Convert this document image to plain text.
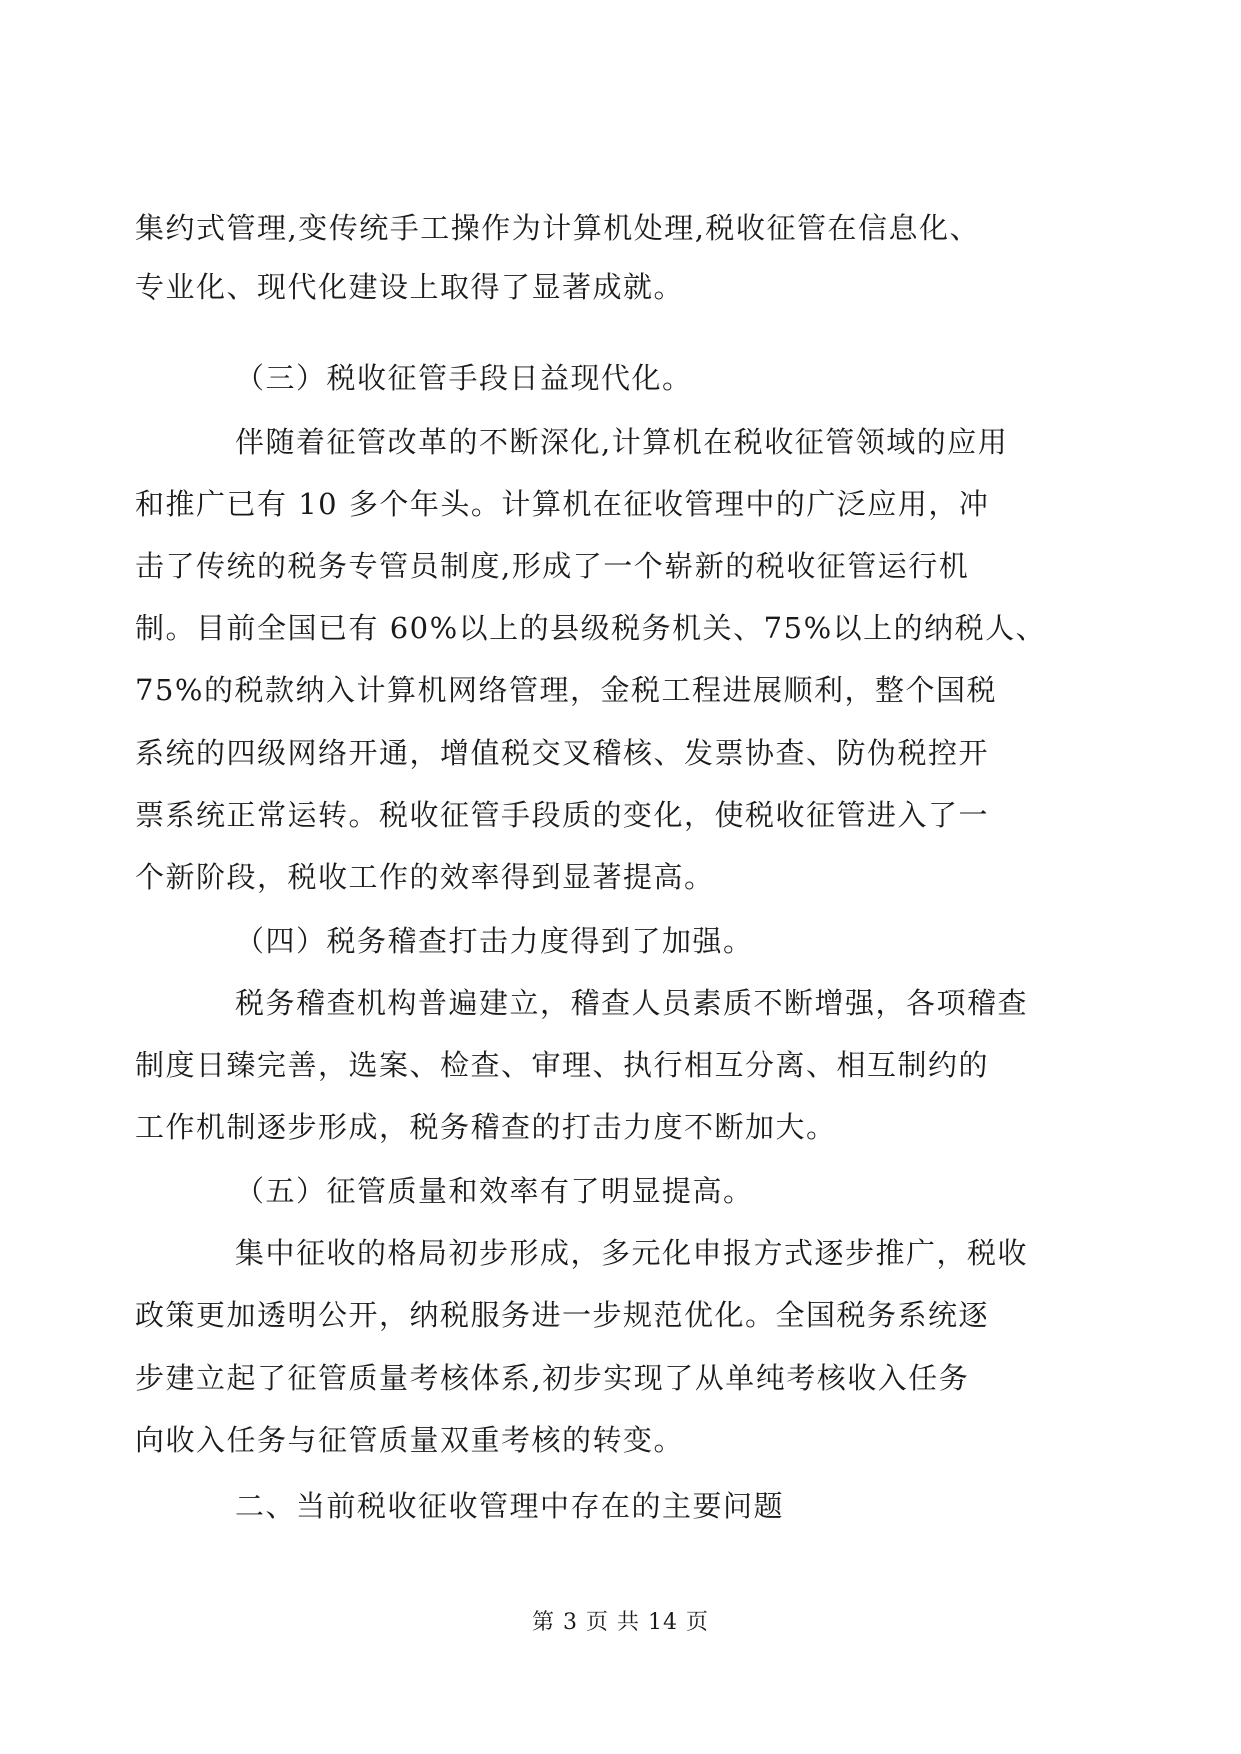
集约式管理,变传统手工操作为计算机处理,税收征管在信息化、
专业化、现代化建设上取得了显著成就。
（三）税收征管手段日益现代化。
伴随着征管改革的不断深化,计算机在税收征管领域的应用
和推广已有 10 多个年头。计算机在征收管理中的广泛应用，冲
击了传统的税务专管员制度,形成了一个崭新的税收征管运行机
制。目前全国已有 60%以上的县级税务机关、75%以上的纳税人、
75%的税款纳入计算机网络管理，金税工程进展顺利，整个国税
系统的四级网络开通，增值税交叉稽核、发票协查、防伪税控开
票系统正常运转。税收征管手段质的变化，使税收征管进入了一
个新阶段，税收工作的效率得到显著提高。
（四）税务稽查打击力度得到了加强。
税务稽查机构普遍建立，稽查人员素质不断增强，各项稽查
制度日臻完善，选案、检查、审理、执行相互分离、相互制约的
工作机制逐步形成，税务稽查的打击力度不断加大。
（五）征管质量和效率有了明显提高。
集中征收的格局初步形成，多元化申报方式逐步推广，税收
政策更加透明公开，纳税服务进一步规范优化。全国税务系统逐
步建立起了征管质量考核体系,初步实现了从单纯考核收入任务
向收入任务与征管质量双重考核的转变。
二、当前税收征收管理中存在的主要问题
第 3 页 共 14 页
